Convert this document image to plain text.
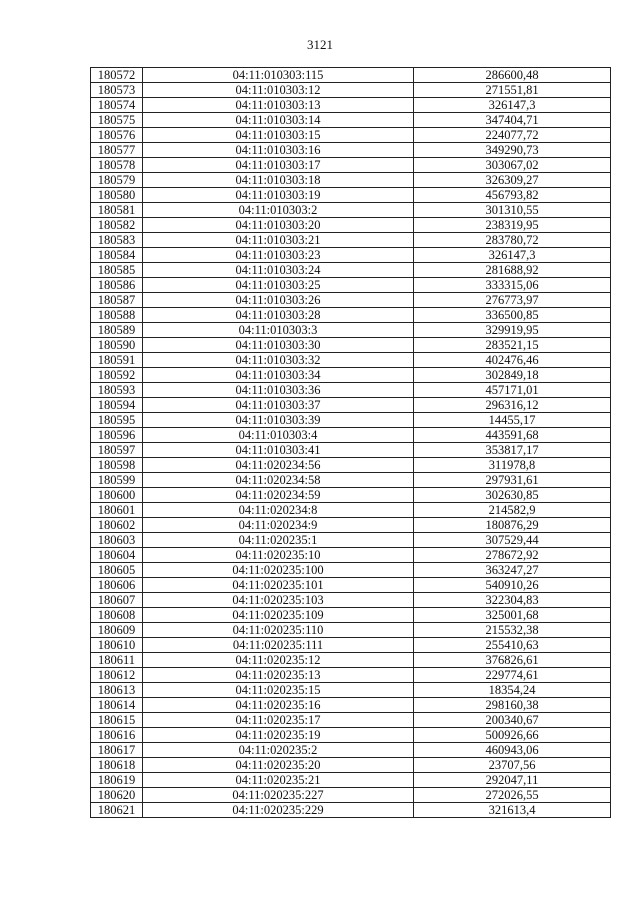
3121
180572	04:11:010303:115	286600,48
180573	04:11:010303:12	271551,81
180574	04:11:010303:13	326147,3
180575	04:11:010303:14	347404,71
180576	04:11:010303:15	224077,72
180577	04:11:010303:16	349290,73
180578	04:11:010303:17	303067,02
180579	04:11:010303:18	326309,27
180580	04:11:010303:19	456793,82
180581	04:11:010303:2	301310,55
180582	04:11:010303:20	238319,95
180583	04:11:010303:21	283780,72
180584	04:11:010303:23	326147,3
180585	04:11:010303:24	281688,92
180586	04:11:010303:25	333315,06
180587	04:11:010303:26	276773,97
180588	04:11:010303:28	336500,85
180589	04:11:010303:3	329919,95
180590	04:11:010303:30	283521,15
180591	04:11:010303:32	402476,46
180592	04:11:010303:34	302849,18
180593	04:11:010303:36	457171,01
180594	04:11:010303:37	296316,12
180595	04:11:010303:39	14455,17
180596	04:11:010303:4	443591,68
180597	04:11:010303:41	353817,17
180598	04:11:020234:56	311978,8
180599	04:11:020234:58	297931,61
180600	04:11:020234:59	302630,85
180601	04:11:020234:8	214582,9
180602	04:11:020234:9	180876,29
180603	04:11:020235:1	307529,44
180604	04:11:020235:10	278672,92
180605	04:11:020235:100	363247,27
180606	04:11:020235:101	540910,26
180607	04:11:020235:103	322304,83
180608	04:11:020235:109	325001,68
180609	04:11:020235:110	215532,38
180610	04:11:020235:111	255410,63
180611	04:11:020235:12	376826,61
180612	04:11:020235:13	229774,61
180613	04:11:020235:15	18354,24
180614	04:11:020235:16	298160,38
180615	04:11:020235:17	200340,67
180616	04:11:020235:19	500926,66
180617	04:11:020235:2	460943,06
180618	04:11:020235:20	23707,56
180619	04:11:020235:21	292047,11
180620	04:11:020235:227	272026,55
180621	04:11:020235:229	321613,4
